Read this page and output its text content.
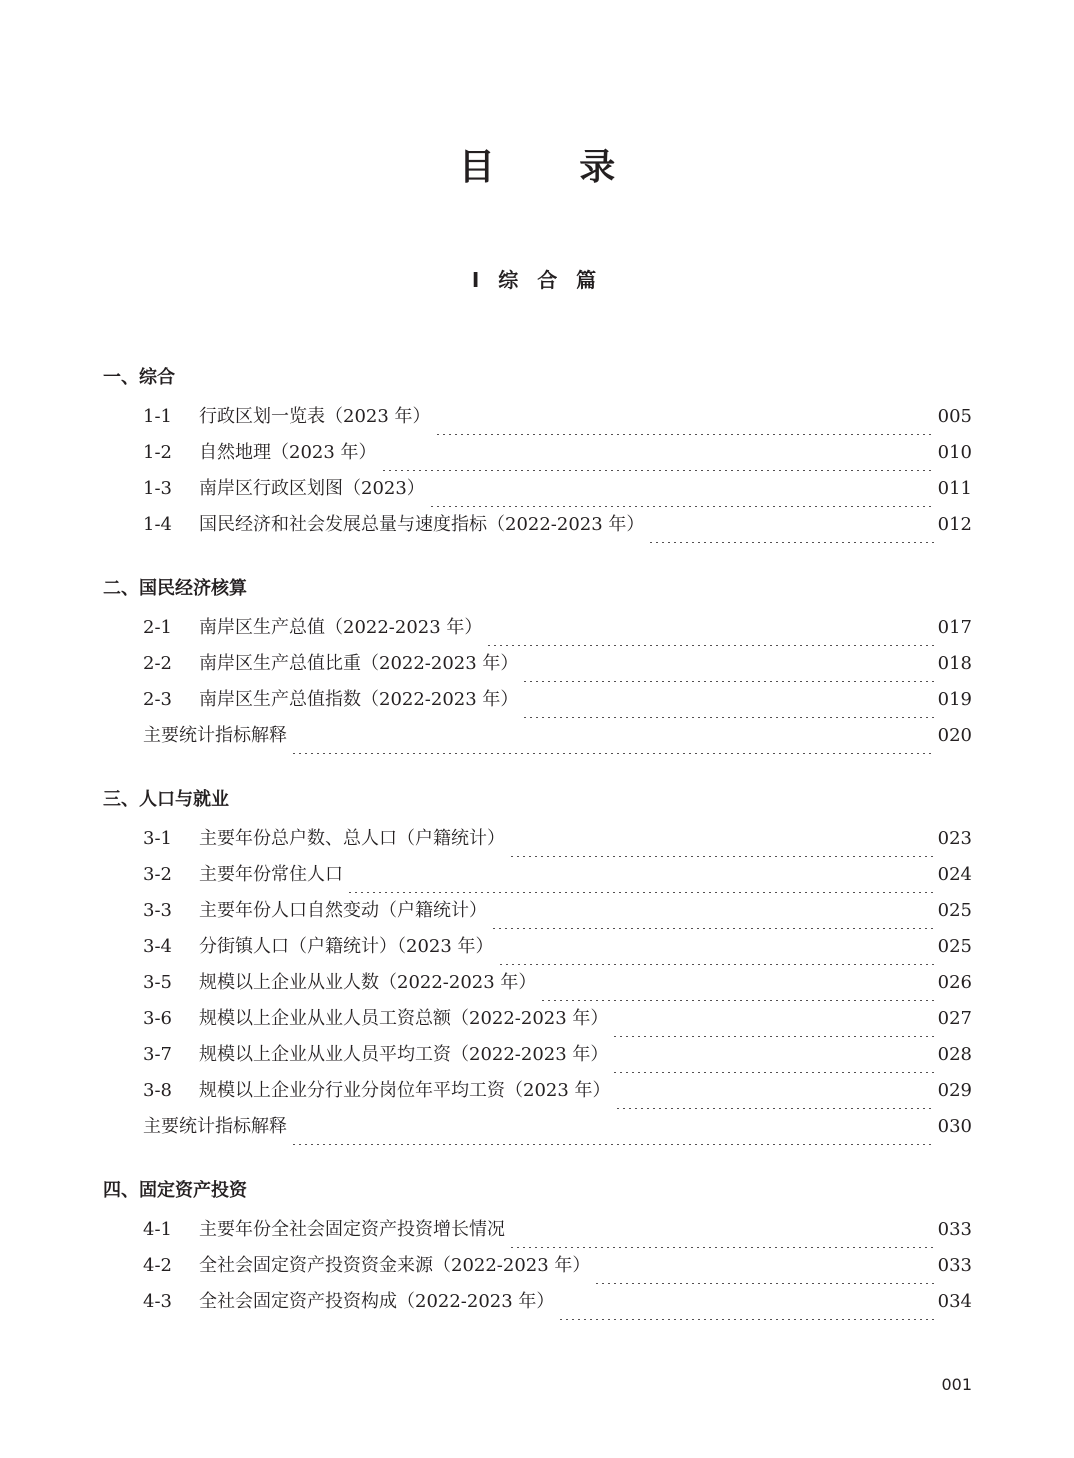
目 录
Ⅰ 综 合 篇
一、综合
1-1	行政区划一览表（2023 年）	005
1-2	自然地理（2023 年）	010
1-3	南岸区行政区划图（2023）	011
1-4	国民经济和社会发展总量与速度指标（2022-2023 年）	012
二、国民经济核算
2-1	南岸区生产总值（2022-2023 年）	017
2-2	南岸区生产总值比重（2022-2023 年）	018
2-3	南岸区生产总值指数（2022-2023 年）	019
主要统计指标解释	020
三、人口与就业
3-1	主要年份总户数、总人口（户籍统计）	023
3-2	主要年份常住人口	024
3-3	主要年份人口自然变动（户籍统计）	025
3-4	分街镇人口（户籍统计）（2023 年）	025
3-5	规模以上企业从业人数（2022-2023 年）	026
3-6	规模以上企业从业人员工资总额（2022-2023 年）	027
3-7	规模以上企业从业人员平均工资（2022-2023 年）	028
3-8	规模以上企业分行业分岗位年平均工资（2023 年）	029
主要统计指标解释	030
四、固定资产投资
4-1	主要年份全社会固定资产投资增长情况	033
4-2	全社会固定资产投资资金来源（2022-2023 年）	033
4-3	全社会固定资产投资构成（2022-2023 年）	034
001
